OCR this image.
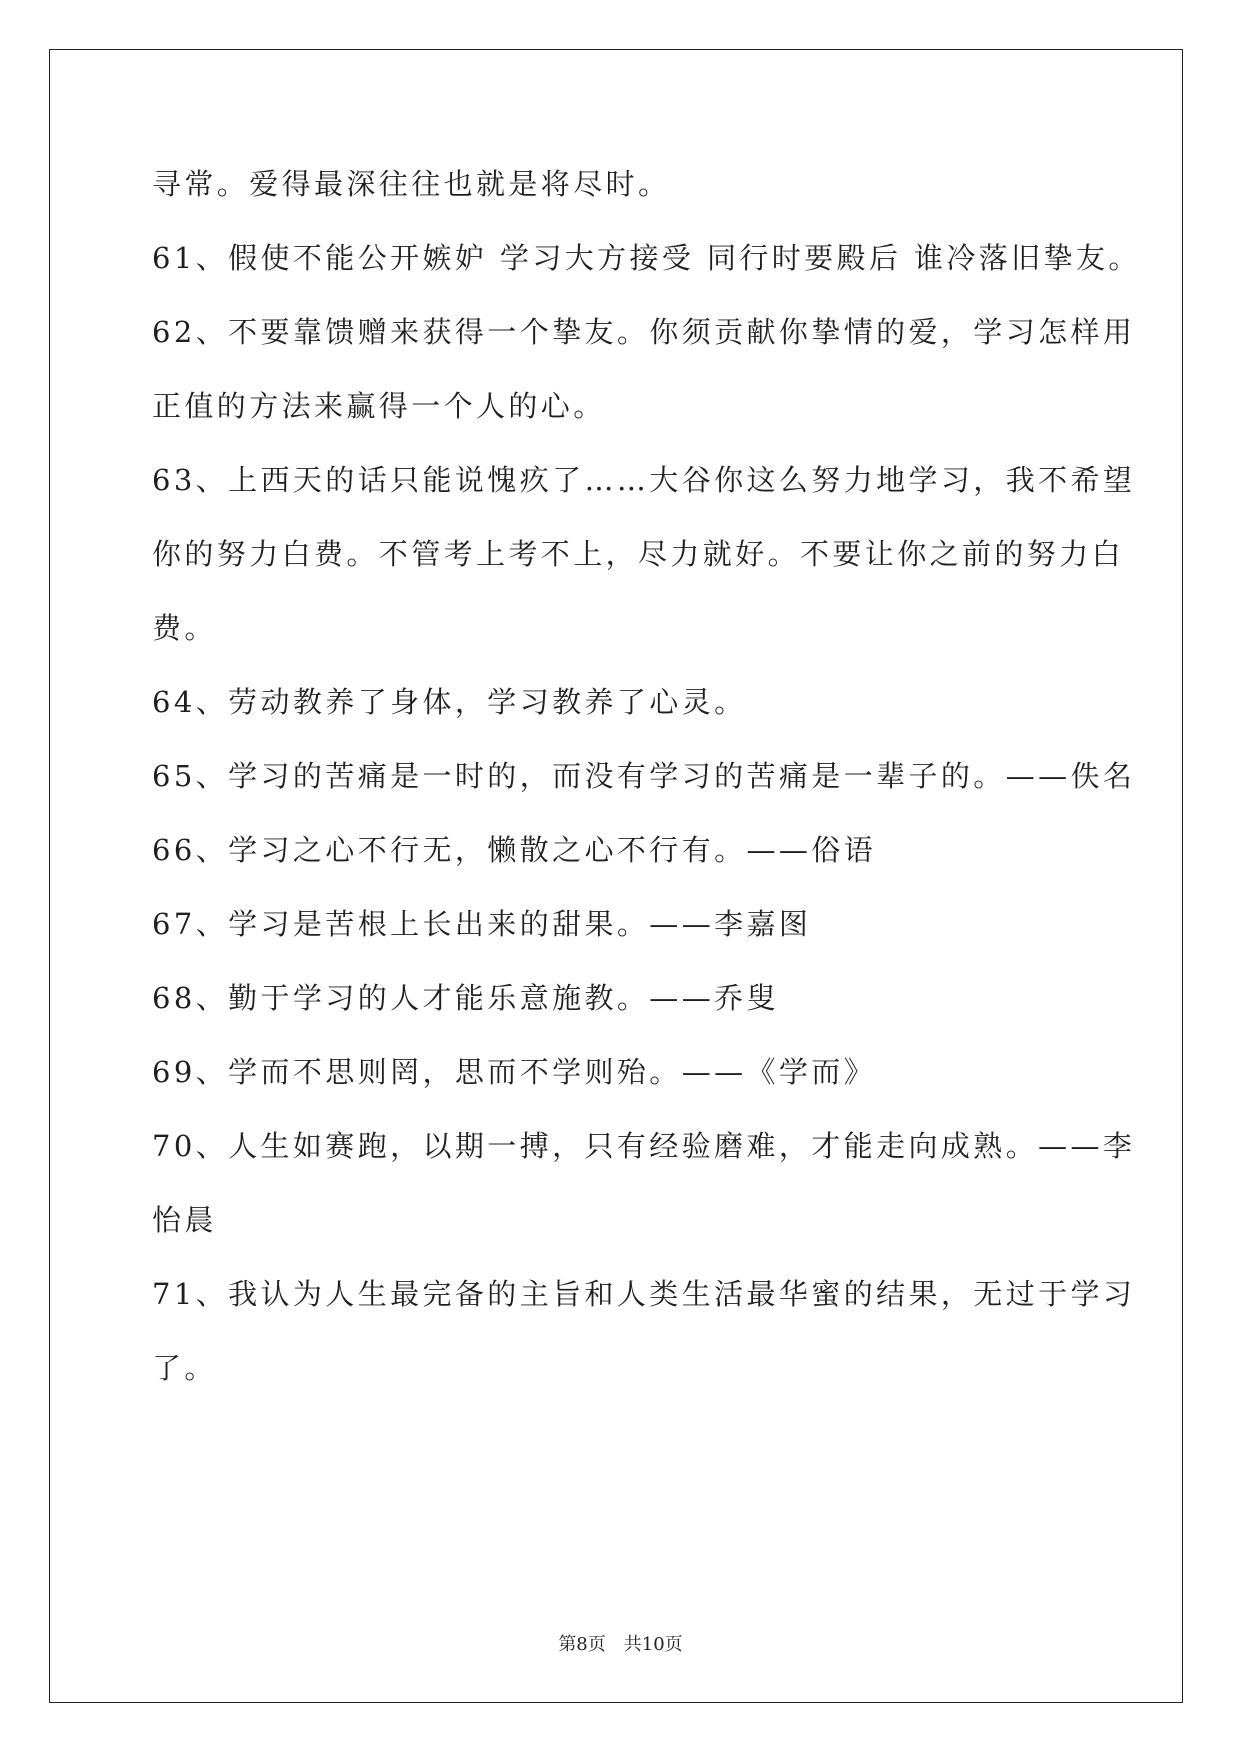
寻常。爱得最深往往也就是将尽时。
61、假使不能公开嫉妒 学习大方接受 同行时要殿后 谁冷落旧挚友。
62、不要靠馈赠来获得一个挚友。你须贡献你挚情的爱，学习怎样用
正值的方法来赢得一个人的心。
63、上西天的话只能说愧疚了……大谷你这么努力地学习，我不希望
你的努力白费。不管考上考不上，尽力就好。不要让你之前的努力白
费。
64、劳动教养了身体，学习教养了心灵。
65、学习的苦痛是一时的，而没有学习的苦痛是一辈子的。——佚名
66、学习之心不行无，懒散之心不行有。——俗语
67、学习是苦根上长出来的甜果。——李嘉图
68、勤于学习的人才能乐意施教。——乔叟
69、学而不思则罔，思而不学则殆。——《学而》
70、人生如赛跑，以期一搏，只有经验磨难，才能走向成熟。——李
怡晨
71、我认为人生最完备的主旨和人类生活最华蜜的结果，无过于学习
了。
第8页　共10页
